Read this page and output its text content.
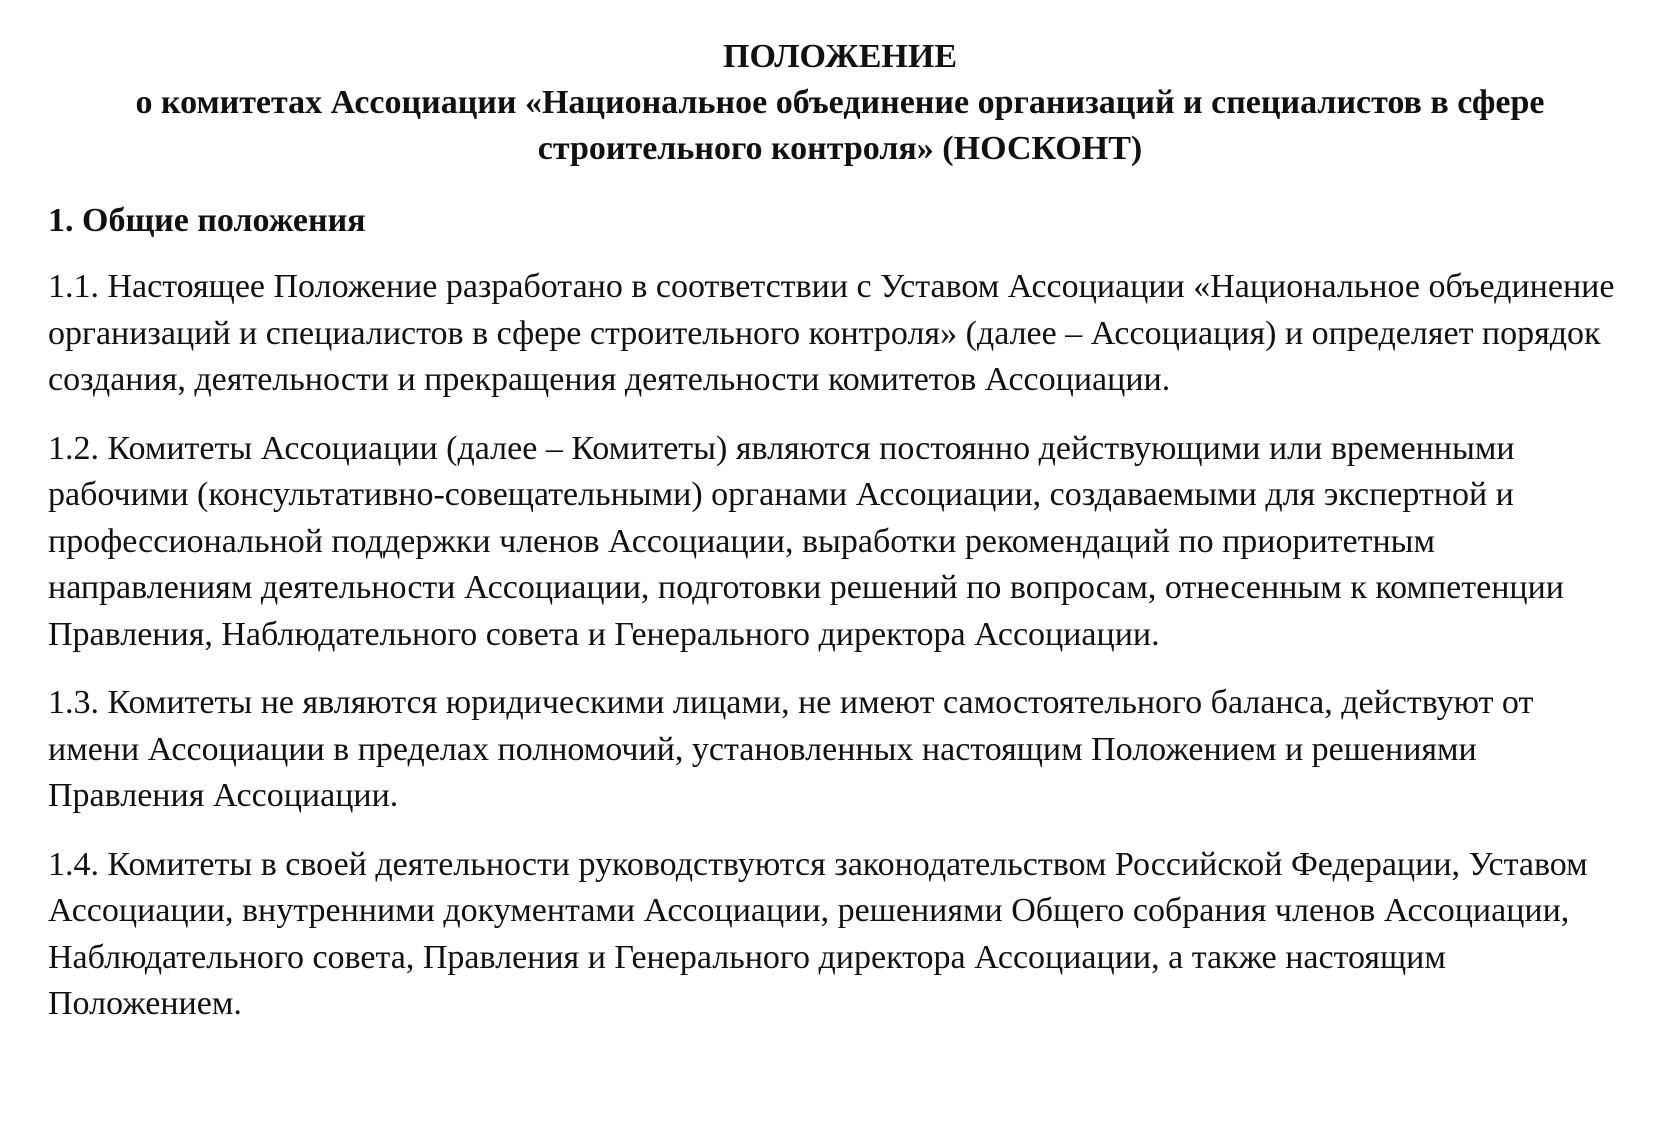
ПОЛОЖЕНИЕ
о комитетах Ассоциации «Национальное объединение организаций и специалистов в сфере строительного контроля» (НОСКОНТ)
1. Общие положения

1.1. Настоящее Положение разработано в соответствии с Уставом Ассоциации «Национальное объединение организаций и специалистов в сфере строительного контроля» (далее – Ассоциация) и определяет порядок создания, деятельности и прекращения деятельности комитетов Ассоциации.

1.2. Комитеты Ассоциации (далее – Комитеты) являются постоянно действующими или временными рабочими (консультативно-совещательными) органами Ассоциации, создаваемыми для экспертной и профессиональной поддержки членов Ассоциации, выработки рекомендаций по приоритетным направлениям деятельности Ассоциации, подготовки решений по вопросам, отнесенным к компетенции Правления, Наблюдательного совета и Генерального директора Ассоциации.

1.3. Комитеты не являются юридическими лицами, не имеют самостоятельного баланса, действуют от имени Ассоциации в пределах полномочий, установленных настоящим Положением и решениями Правления Ассоциации.

1.4. Комитеты в своей деятельности руководствуются законодательством Российской Федерации, Уставом Ассоциации, внутренними документами Ассоциации, решениями Общего собрания членов Ассоциации, Наблюдательного совета, Правления и Генерального директора Ассоциации, а также настоящим Положением.
